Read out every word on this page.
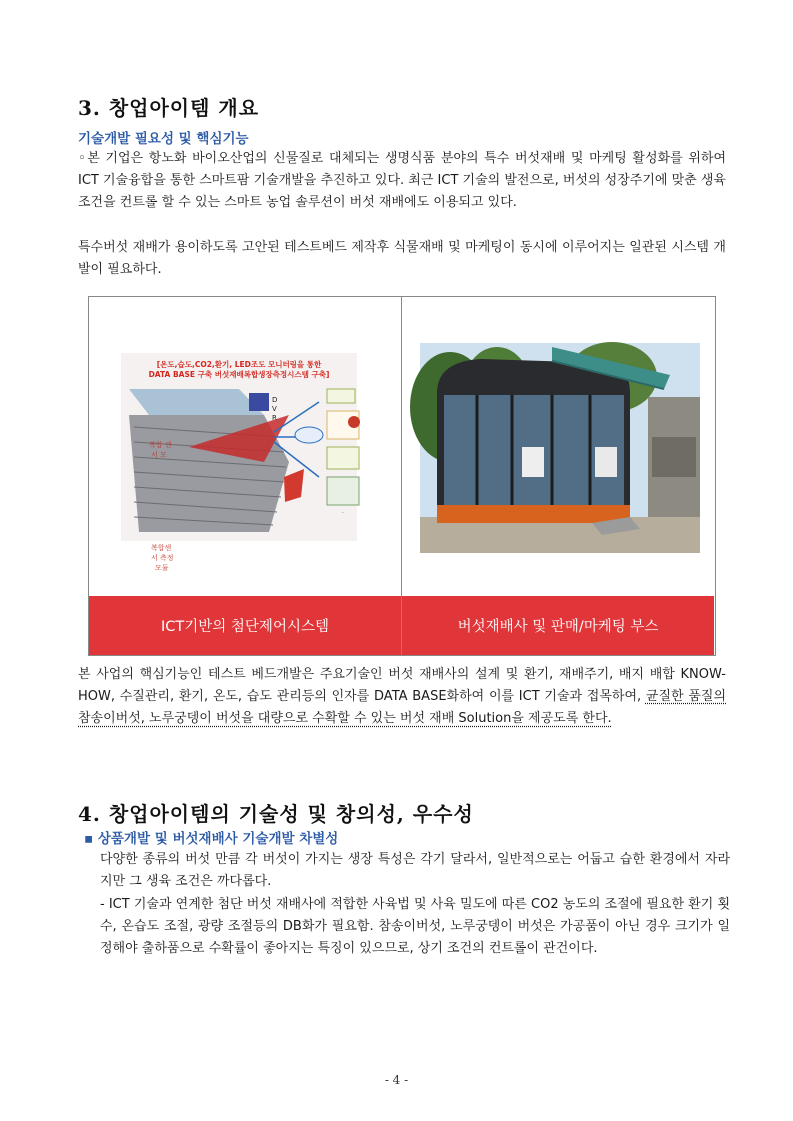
3. 창업아이템 개요
기술개발 필요성 및 핵심기능

◦본 기업은 항노화 바이오산업의 신물질로 대체되는 생명식품 분야의 특수 버섯재배 및 마케팅 활성화를 위하여 ICT 기술융합을 통한 스마트팜 기술개발을 추진하고 있다. 최근 ICT 기술의 발전으로, 버섯의 성장주기에 맞춘 생육조건을 컨트롤 할 수 있는 스마트 농업 솔루션이 버섯 재배에도 이용되고 있다.

특수버섯 재배가 용이하도록 고안된 테스트베드 제작후 식물재배 및 마케팅이 동시에 이루어지는 일관된 시스템 개발이 필요하다.

[온도,습도,CO2,환기, LED조도 모니터링을 통한
DATA BASE 구축 버섯재배복합생장측정시스템 구축]
D
V
R
·
복합 센
서 모
복합센
서 측정
모듈
ICT기반의 첨단제어시스템	버섯재배사 및 판매/마케팅 부스

본 사업의 핵심기능인 테스트 베드개발은 주요기술인 버섯 재배사의 설계 및 환기, 재배주기, 배지 배합 KNOW-HOW, 수질관리, 환기, 온도, 습도 관리등의 인자를 DATA BASE화하여 이를 ICT 기술과 접목하여, 균질한 품질의 참송이버섯, 노루궁뎅이 버섯을 대량으로 수확할 수 있는 버섯 재배 Solution을 제공도록 한다.

4. 창업아이템의 기술성 및 창의성, 우수성
▪ 상품개발 및 버섯재배사 기술개발 차별성

다양한 종류의 버섯 만큼 각 버섯이 가지는 생장 특성은 각기 달라서, 일반적으로는 어둡고 습한 환경에서 자라지만 그 생육 조건은 까다롭다.

- ICT 기술과 연계한 첨단 버섯 재배사에 적합한 사육법 및 사육 밀도에 따른 CO2 농도의 조절에 필요한 환기 횟수, 온습도 조절, 광량 조절등의 DB화가 필요함. 참송이버섯, 노루궁뎅이 버섯은 가공품이 아닌 경우 크기가 일정해야 출하품으로 수확률이 좋아지는 특징이 있으므로, 상기 조건의 컨트롤이 관건이다.

- 4 -
